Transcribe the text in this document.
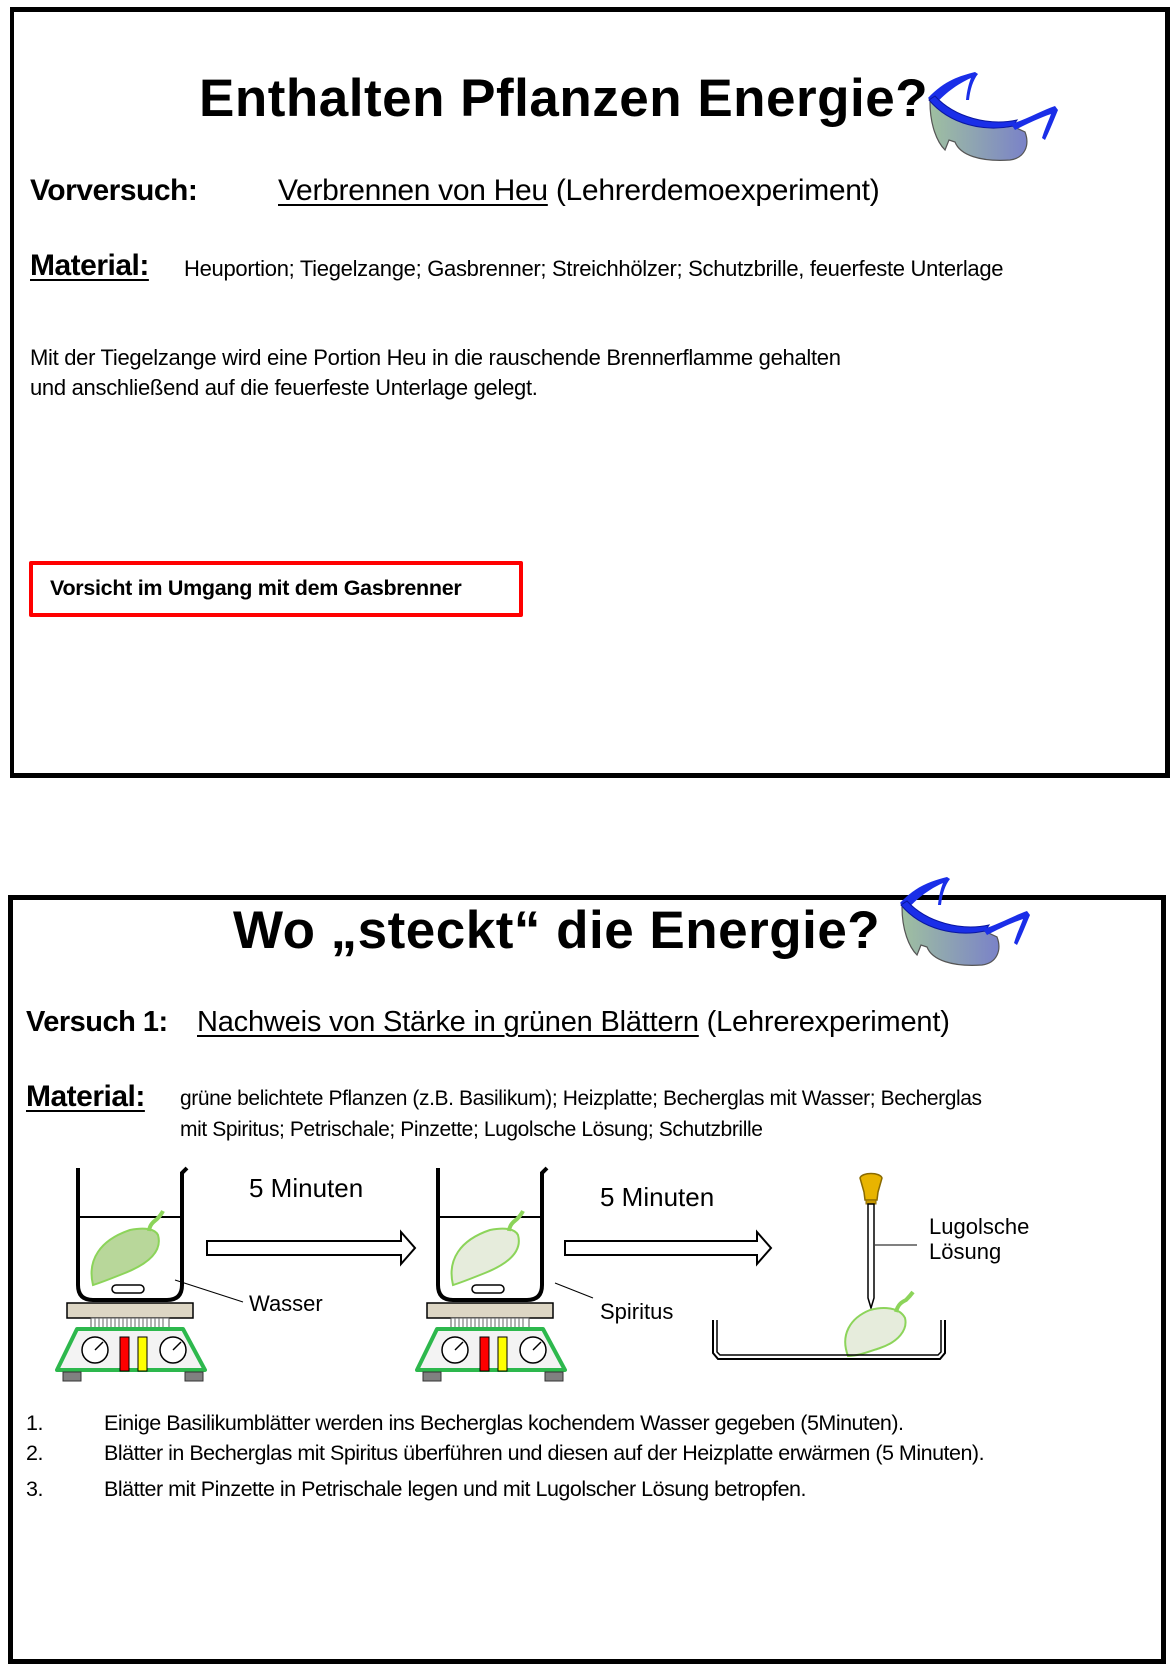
Enthalten Pflanzen Energie?
Vorversuch:	Verbrennen von Heu (Lehrerdemoexperiment)
Material: Heuportion; Tiegelzange; Gasbrenner; Streichhölzer; Schutzbrille, feuerfeste Unterlage
Mit der Tiegelzange wird eine Portion Heu in die rauschende Brennerflamme gehalten
und anschließend auf die feuerfeste Unterlage gelegt.
Vorsicht im Umgang mit dem Gasbrenner
Wo „steckt“ die Energie?
Versuch 1: Nachweis von Stärke in grünen Blättern (Lehrerexperiment)
Material: grüne belichtete Pflanzen (z.B. Basilikum); Heizplatte; Becherglas mit Wasser; Becherglas
mit Spiritus; Petrischale; Pinzette; Lugolsche Lösung; Schutzbrille
Wasser
5 Minuten
Spiritus
5 Minuten
Lugolsche
Lösung
1.	Einige Basilikumblätter werden ins Becherglas kochendem Wasser gegeben (5Minuten).
2.	Blätter in Becherglas mit Spiritus überführen und diesen auf der Heizplatte erwärmen (5 Minuten).
3.	Blätter mit Pinzette in Petrischale legen und mit Lugolscher Lösung betropfen.
